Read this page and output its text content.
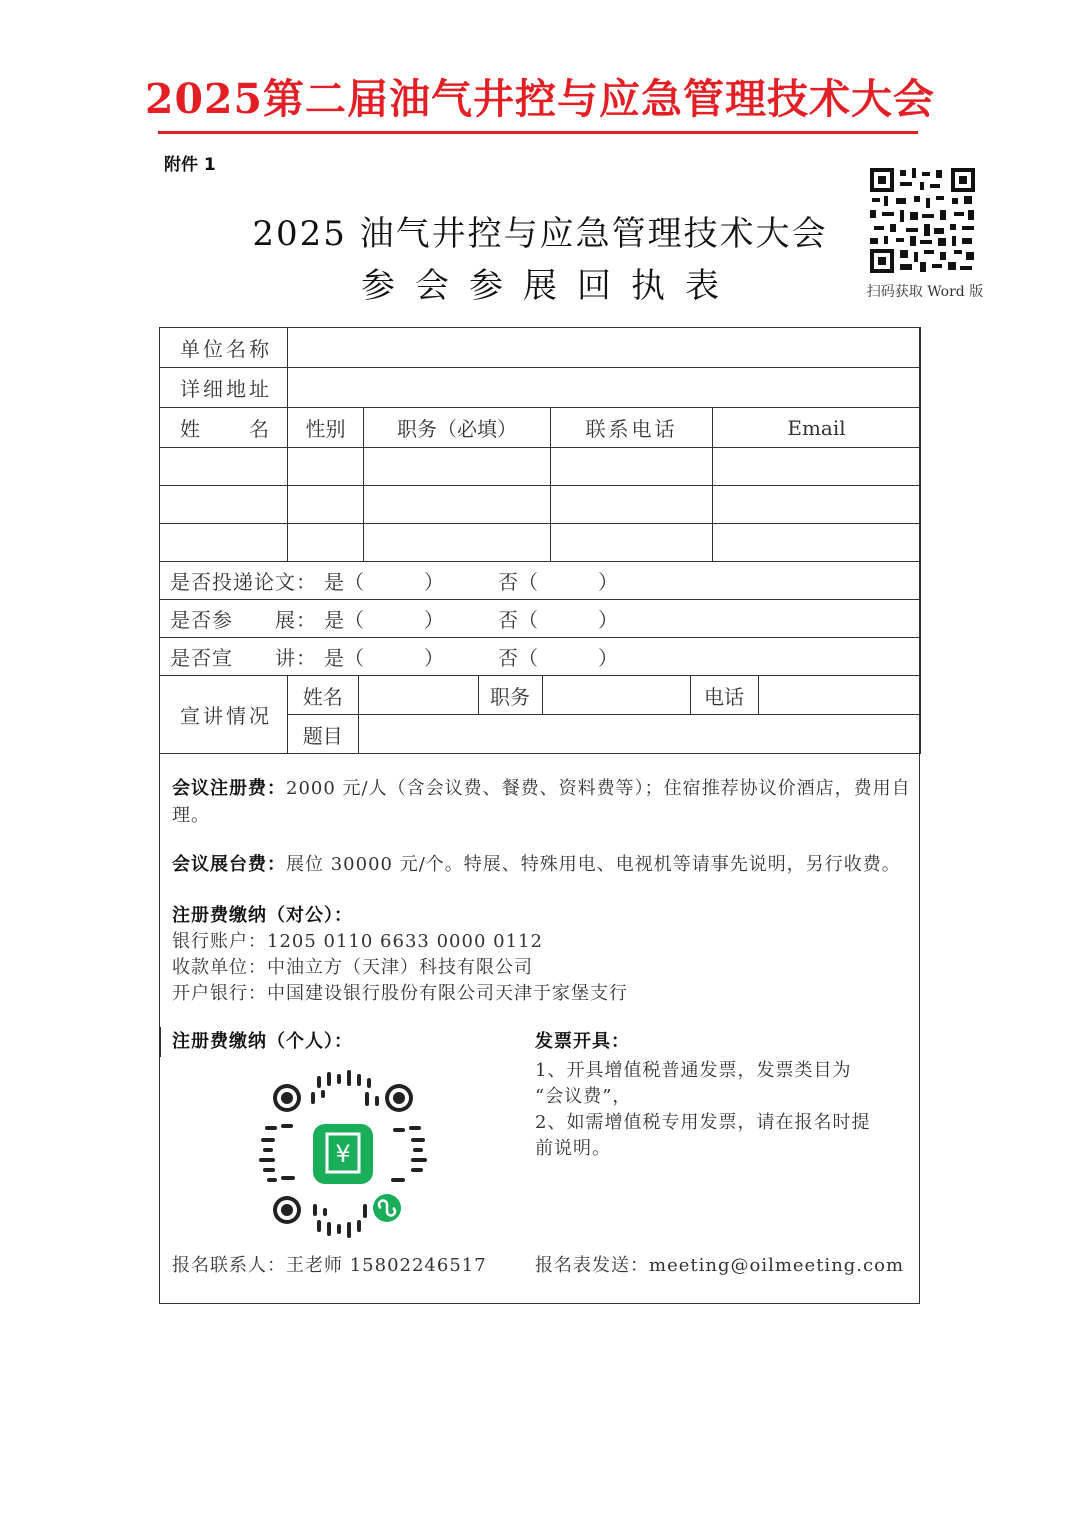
2025第二届油气井控与应急管理技术大会
附件 1
2025 油气井控与应急管理技术大会
参会参展回执表	扫码获取 Word 版
单位名称	
详细地址	
姓　　名	性别	职务（必填）	联系电话	Email

是否投递论文： 是（　　　）	否（　　　）
是否参　　展： 是（　　　）	否（　　　）
是否宣　　讲： 是（　　　）	否（　　　）
宣讲情况	
姓名		职务		电话	

题目	
会议注册费：2000 元/人（含会议费、餐费、资料费等）；住宿推荐协议价酒店，费用自理。
会议展台费：展位 30000 元/个。特展、特殊用电、电视机等请事先说明，另行收费。
注册费缴纳（对公）：
银行账户：1205 0110 6633 0000 0112
收款单位：中油立方（天津）科技有限公司
开户银行：中国建设银行股份有限公司天津于家堡支行
注册费缴纳（个人）：
¥
发票开具：
1、开具增值税普通发票，发票类目为
“会议费”，
2、如需增值税专用发票，请在报名时提
前说明。
报名联系人：王老师 15802246517	报名表发送：meeting@oilmeeting.com
